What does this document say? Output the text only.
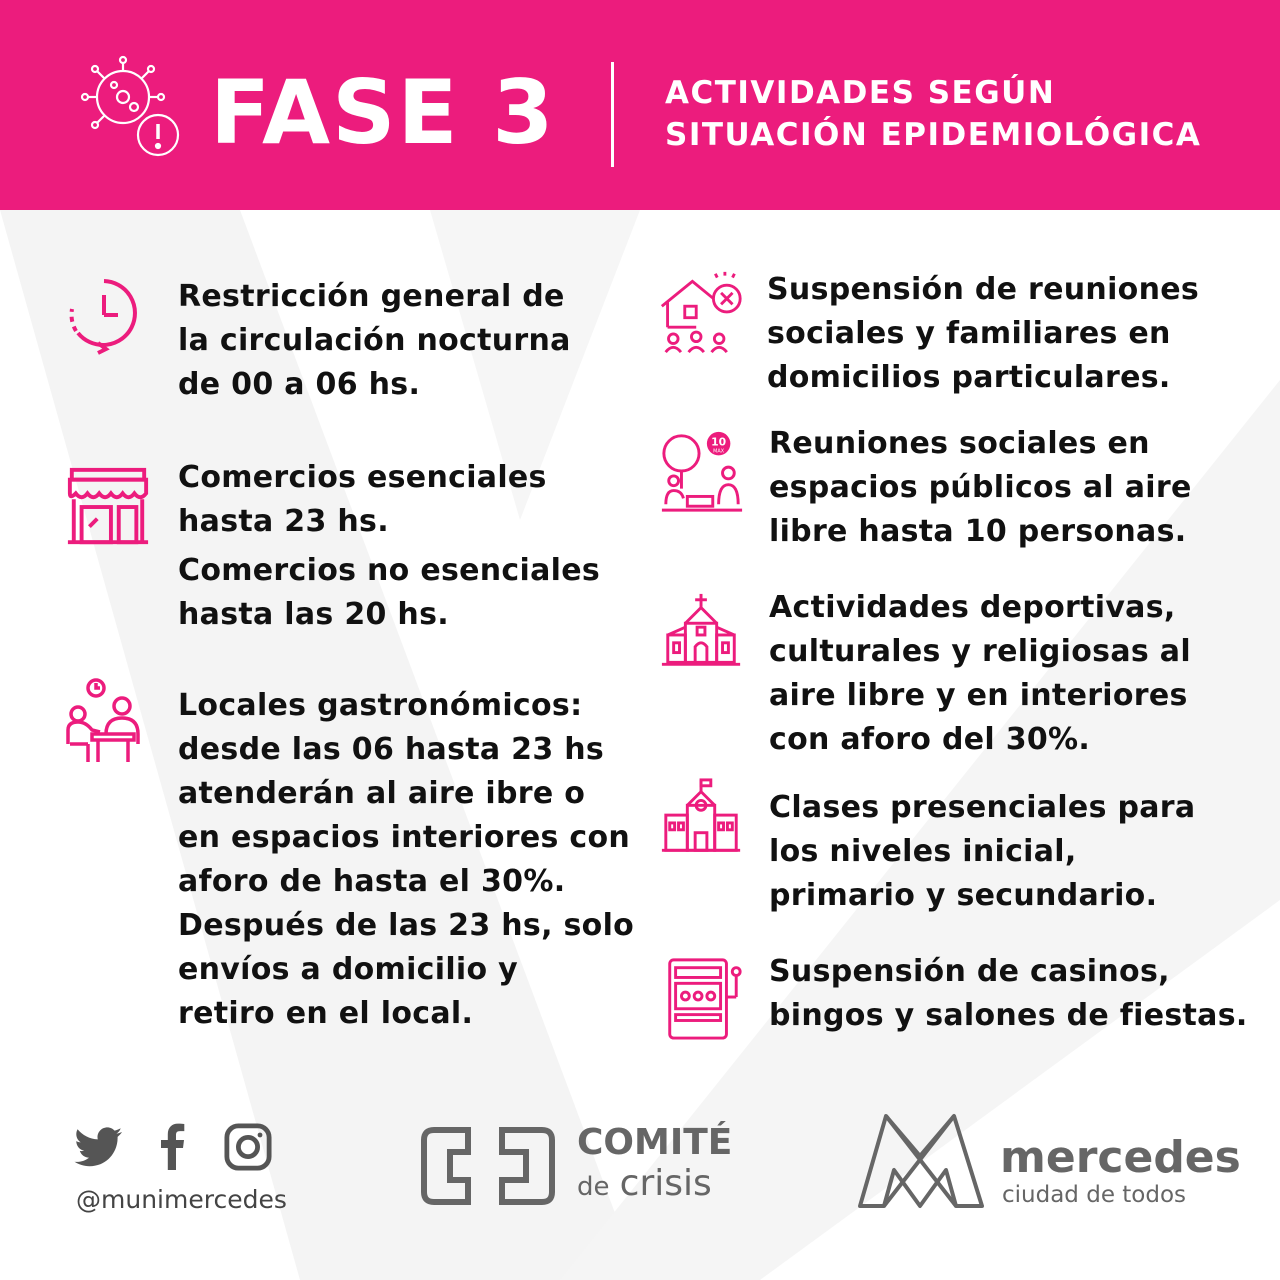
FASE 3	ACTIVIDADES SEGÚN
SITUACIÓN EPIDEMIOLÓGICA
Restricción general de
la circulación nocturna
de 00 a 06 hs.
Comercios esenciales
hasta 23 hs.
Comercios no esenciales
hasta las 20 hs.
Locales gastronómicos:
desde las 06 hasta 23 hs
atenderán al aire ibre o
en espacios interiores con
aforo de hasta el 30%.
Después de las 23 hs, solo
envíos a domicilio y
retiro en el local.
Suspensión de reuniones
sociales y familiares en
domicilios particulares.
10
MAX Reuniones sociales en
espacios públicos al aire
libre hasta 10 personas.
Actividades deportivas,
culturales y religiosas al
aire libre y en interiores
con aforo del 30%.
Clases presenciales para
los niveles inicial,
primario y secundario.
Suspensión de casinos,
bingos y salones de fiestas.
@munimercedes
COMITÉ
de crisis
mercedes
ciudad de todos
